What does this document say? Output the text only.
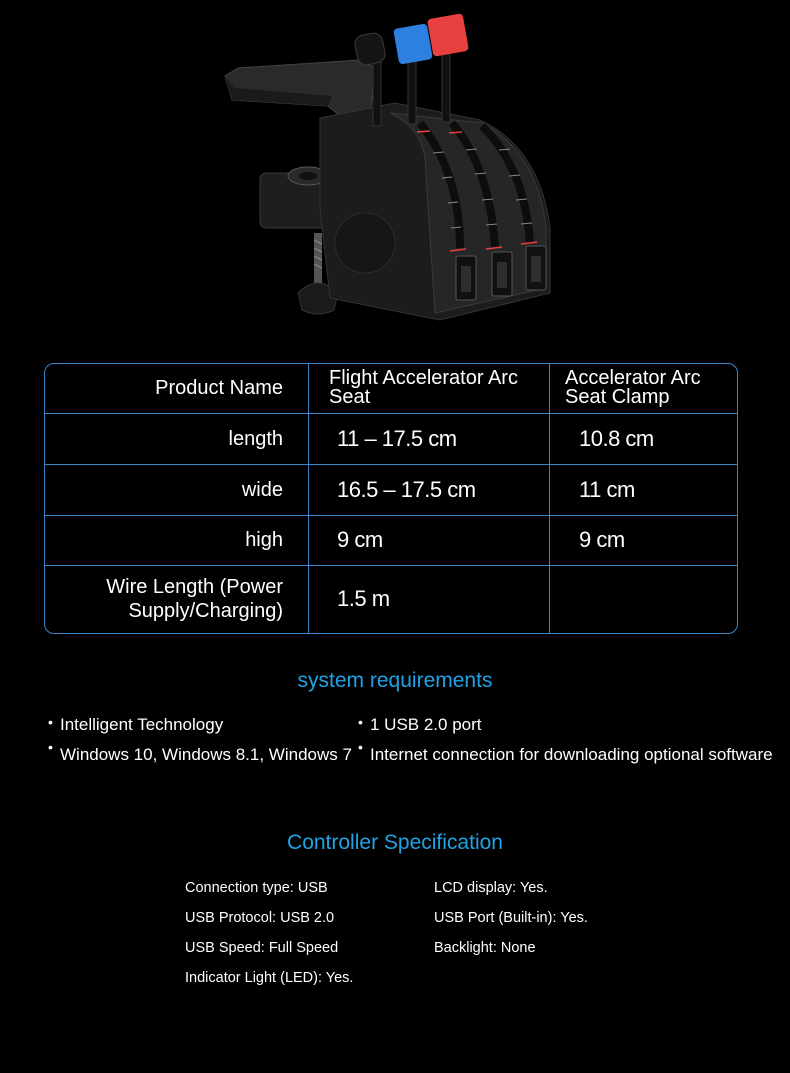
Product Name	Flight Accelerator Arc Seat	Accelerator Arc Seat Clamp
length	11 – 17.5 cm	10.8 cm
wide	16.5 – 17.5 cm	11 cm
high	9 cm	9 cm
Wire Length (Power Supply/Charging)	1.5 m	
system requirements
• Intelligent Technology
• Windows 10, Windows 8.1, Windows 7
• 1 USB 2.0 port
• Internet connection for downloading optional software
Controller Specification
Connection type: USB
USB Protocol: USB 2.0
USB Speed: Full Speed
Indicator Light (LED): Yes.
LCD display: Yes.
USB Port (Built-in): Yes.
Backlight: None
